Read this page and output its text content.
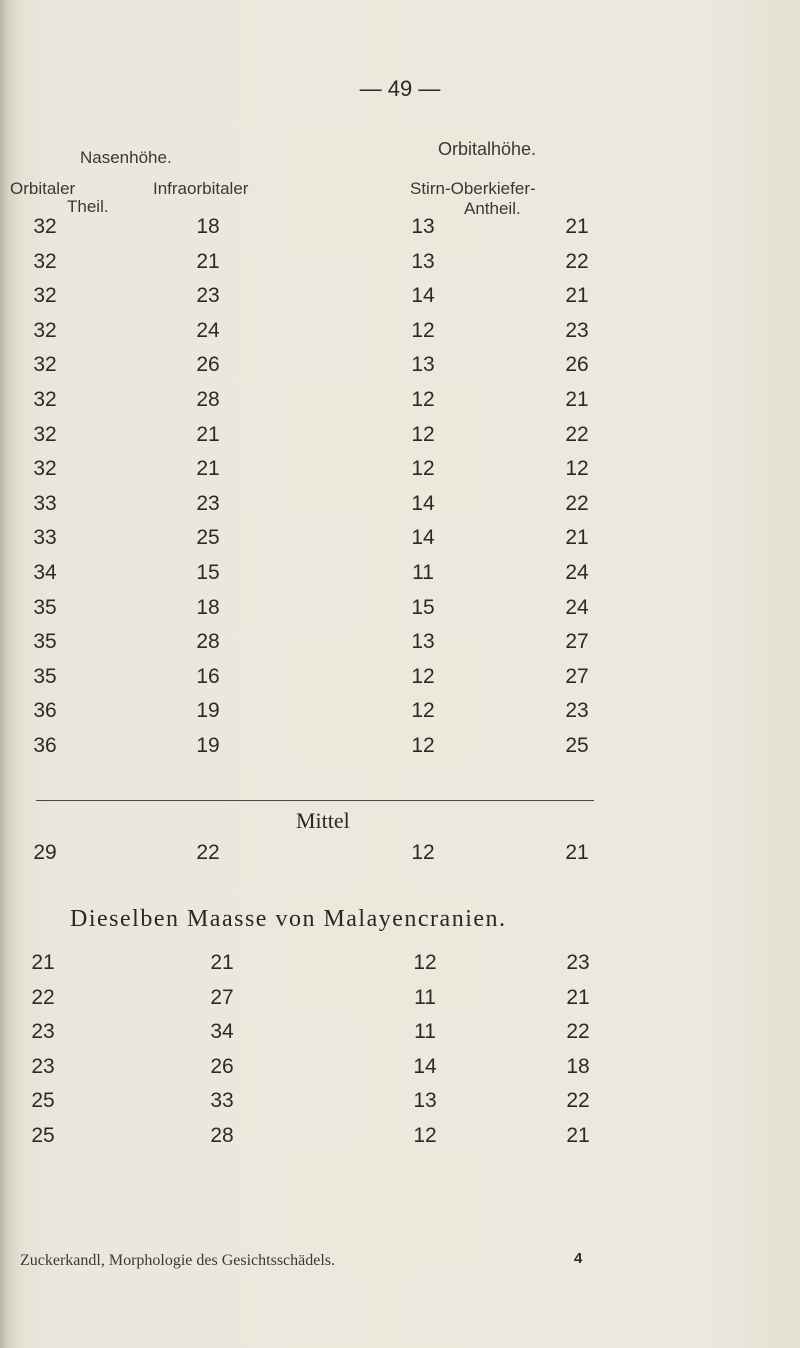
— 49 —
Nasenhöhe.	Orbitalhöhe.
Orbitaler	Infraorbitaler
Theil.
Stirn-Oberkiefer-
Antheil.
32	18	13	21
32	21	13	22
32	23	14	21
32	24	12	23
32	26	13	26
32	28	12	21
32	21	12	22
32	21	12	12
33	23	14	22
33	25	14	21
34	15	11	24
35	18	15	24
35	28	13	27
35	16	12	27
36	19	12	23
36	19	12	25
Mittel
29	22	12	21
Dieselben Maasse von Malayencranien.
21	21	12	23
22	27	11	21
23	34	11	22
23	26	14	18
25	33	13	22
25	28	12	21
Zuckerkandl, Morphologie des Gesichtsschädels.	4
